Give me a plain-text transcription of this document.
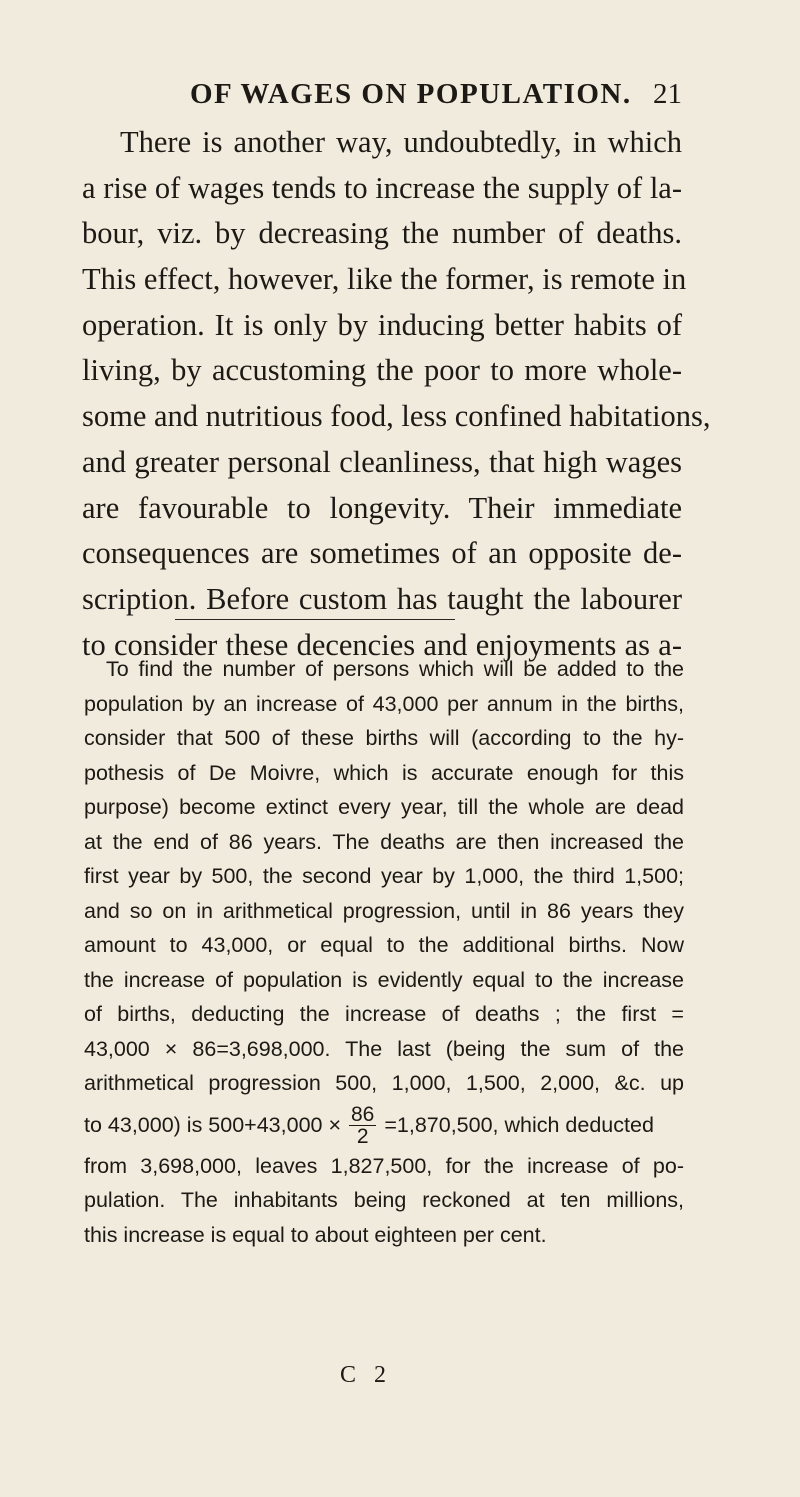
OF WAGES ON POPULATION. 21
There is another way, undoubtedly, in which
a rise of wages tends to increase the supply of la-
bour, viz. by decreasing the number of deaths.
This effect, however, like the former, is remote in
operation. It is only by inducing better habits of
living, by accustoming the poor to more whole-
some and nutritious food, less confined habitations,
and greater personal cleanliness, that high wages
are favourable to longevity. Their immediate
consequences are sometimes of an opposite de-
scription. Before custom has taught the labourer
to consider these decencies and enjoyments as a-
To find the number of persons which will be added to the
population by an increase of 43,000 per annum in the births,
consider that 500 of these births will (according to the hy-
pothesis of De Moivre, which is accurate enough for this
purpose) become extinct every year, till the whole are dead
at the end of 86 years. The deaths are then increased the
first year by 500, the second year by 1,000, the third 1,500;
and so on in arithmetical progression, until in 86 years they
amount to 43,000, or equal to the additional births. Now
the increase of population is evidently equal to the increase
of births, deducting the increase of deaths ; the first =
43,000 × 86=3,698,000. The last (being the sum of the
arithmetical progression 500, 1,000, 1,500, 2,000, &c. up
to 43,000) is $500+43,000 \times \frac{86}{2} =1,870,500$, which deducted
from 3,698,000, leaves 1,827,500, for the increase of po-
pulation. The inhabitants being reckoned at ten millions,
this increase is equal to about eighteen per cent.
C 2
